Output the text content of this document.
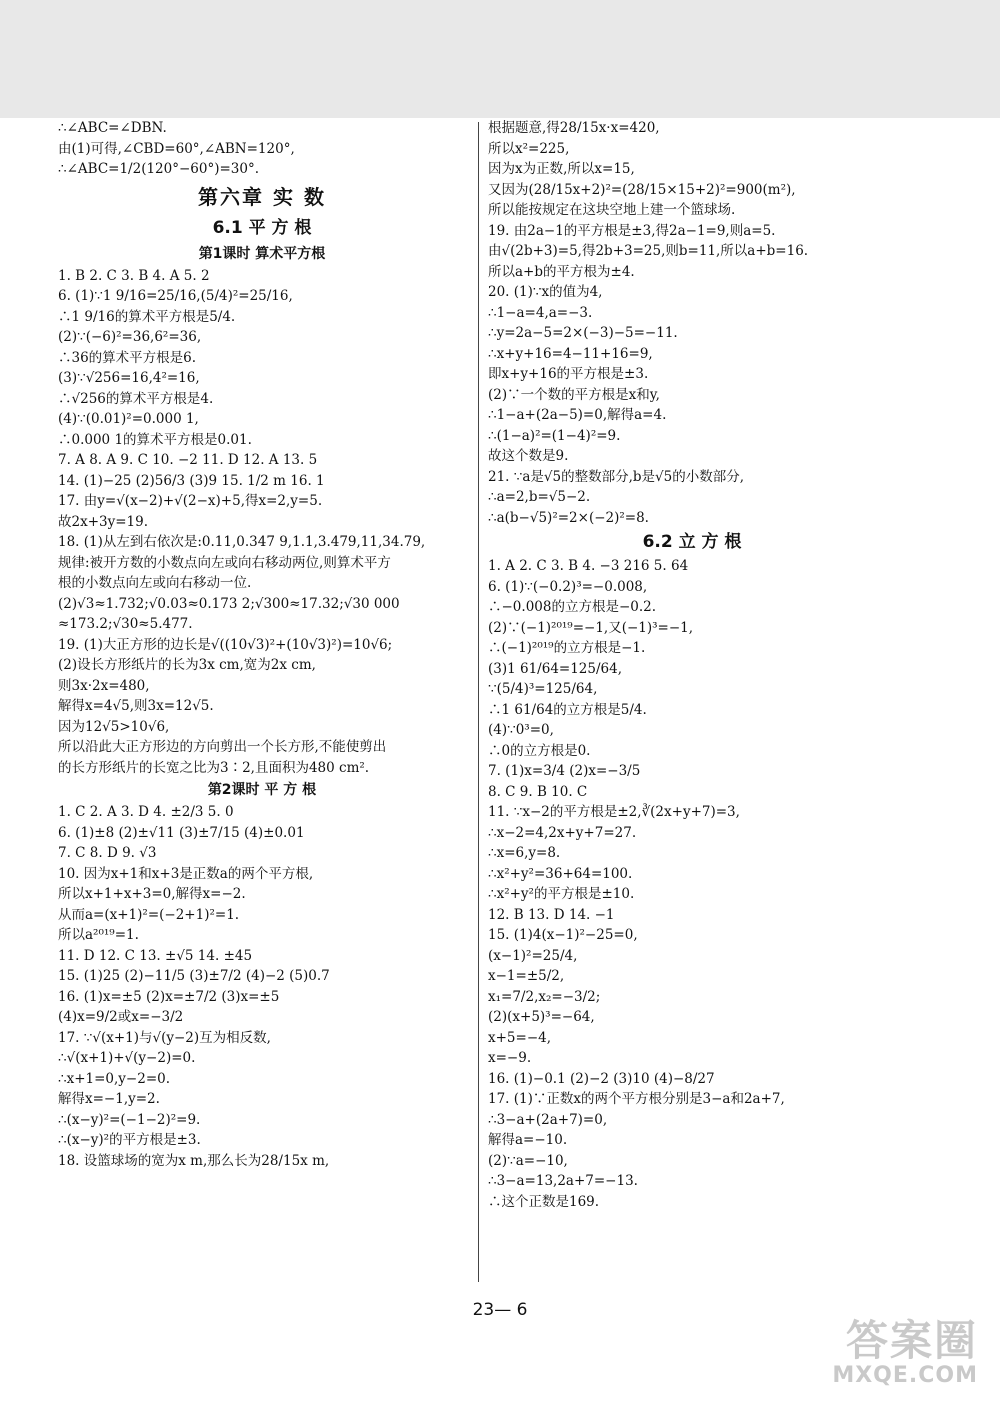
∴∠ABC=∠DBN.
由(1)可得,∠CBD=60°,∠ABN=120°,
∴∠ABC=1/2(120°−60°)=30°.
第六章 实 数
6.1 平 方 根
第1课时 算术平方根
1. B 2. C 3. B 4. A 5. 2
6. (1)∵1 9/16=25/16,(5/4)²=25/16,
∴1 9/16的算术平方根是5/4.
(2)∵(−6)²=36,6²=36,
∴36的算术平方根是6.
(3)∵√256=16,4²=16,
∴√256的算术平方根是4.
(4)∵(0.01)²=0.000 1,
∴0.000 1的算术平方根是0.01.
7. A 8. A 9. C 10. −2 11. D 12. A 13. 5
14. (1)−25 (2)56/3 (3)9 15. 1/2 m 16. 1
17. 由y=√(x−2)+√(2−x)+5,得x=2,y=5.
故2x+3y=19.
18. (1)从左到右依次是:0.11,0.347 9,1.1,3.479,11,34.79,
规律:被开方数的小数点向左或向右移动两位,则算术平方
根的小数点向左或向右移动一位.
(2)√3≈1.732;√0.03≈0.173 2;√300≈17.32;√30 000
≈173.2;√30≈5.477.
19. (1)大正方形的边长是√((10√3)²+(10√3)²)=10√6;
(2)设长方形纸片的长为3x cm,宽为2x cm,
则3x·2x=480,
解得x=4√5,则3x=12√5.
因为12√5>10√6,
所以沿此大正方形边的方向剪出一个长方形,不能使剪出
的长方形纸片的长宽之比为3∶2,且面积为480 cm².
第2课时 平 方 根
1. C 2. A 3. D 4. ±2/3 5. 0
6. (1)±8 (2)±√11 (3)±7/15 (4)±0.01
7. C 8. D 9. √3
10. 因为x+1和x+3是正数a的两个平方根,
所以x+1+x+3=0,解得x=−2.
从而a=(x+1)²=(−2+1)²=1.
所以a²⁰¹⁹=1.
11. D 12. C 13. ±√5 14. ±45
15. (1)25 (2)−11/5 (3)±7/2 (4)−2 (5)0.7
16. (1)x=±5 (2)x=±7/2 (3)x=±5
(4)x=9/2或x=−3/2
17. ∵√(x+1)与√(y−2)互为相反数,
∴√(x+1)+√(y−2)=0.
∴x+1=0,y−2=0.
解得x=−1,y=2.
∴(x−y)²=(−1−2)²=9.
∴(x−y)²的平方根是±3.
18. 设篮球场的宽为x m,那么长为28/15x m,
根据题意,得28/15x·x=420,
所以x²=225,
因为x为正数,所以x=15,
又因为(28/15x+2)²=(28/15×15+2)²=900(m²),
所以能按规定在这块空地上建一个篮球场.
19. 由2a−1的平方根是±3,得2a−1=9,则a=5.
由√(2b+3)=5,得2b+3=25,则b=11,所以a+b=16.
所以a+b的平方根为±4.
20. (1)∵x的值为4,
∴1−a=4,a=−3.
∴y=2a−5=2×(−3)−5=−11.
∴x+y+16=4−11+16=9,
即x+y+16的平方根是±3.
(2)∵一个数的平方根是x和y,
∴1−a+(2a−5)=0,解得a=4.
∴(1−a)²=(1−4)²=9.
故这个数是9.
21. ∵a是√5的整数部分,b是√5的小数部分,
∴a=2,b=√5−2.
∴a(b−√5)²=2×(−2)²=8.
6.2 立 方 根
1. A 2. C 3. B 4. −3 216 5. 64
6. (1)∵(−0.2)³=−0.008,
∴−0.008的立方根是−0.2.
(2)∵(−1)²⁰¹⁹=−1,又(−1)³=−1,
∴(−1)²⁰¹⁹的立方根是−1.
(3)1 61/64=125/64,
∵(5/4)³=125/64,
∴1 61/64的立方根是5/4.
(4)∵0³=0,
∴0的立方根是0.
7. (1)x=3/4 (2)x=−3/5
8. C 9. B 10. C
11. ∵x−2的平方根是±2,∛(2x+y+7)=3,
∴x−2=4,2x+y+7=27.
∴x=6,y=8.
∴x²+y²=36+64=100.
∴x²+y²的平方根是±10.
12. B 13. D 14. −1
15. (1)4(x−1)²−25=0,
(x−1)²=25/4,
x−1=±5/2,
x₁=7/2,x₂=−3/2;
(2)(x+5)³=−64,
x+5=−4,
x=−9.
16. (1)−0.1 (2)−2 (3)10 (4)−8/27
17. (1)∵正数x的两个平方根分别是3−a和2a+7,
∴3−a+(2a+7)=0,
解得a=−10.
(2)∵a=−10,
∴3−a=13,2a+7=−13.
∴这个正数是169.
23— 6
答案圈
MXQE.COM
